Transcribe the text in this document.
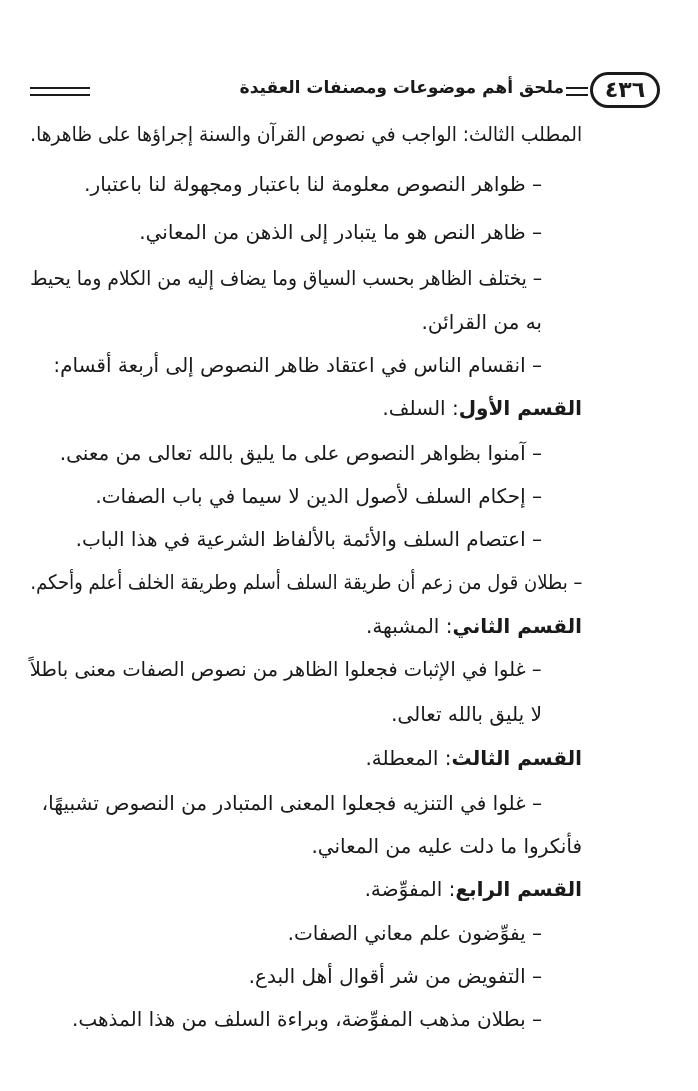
٤٣٦
ملحق أهم موضوعات ومصنفات العقيدة
المطلب الثالث: الواجب في نصوص القرآن والسنة إجراؤها على ظاهرها.
– ظواهر النصوص معلومة لنا باعتبار ومجهولة لنا باعتبار.
– ظاهر النص هو ما يتبادر إلى الذهن من المعاني.
– يختلف الظاهر بحسب السياق وما يضاف إليه من الكلام وما يحيط
به من القرائن.
– انقسام الناس في اعتقاد ظاهر النصوص إلى أربعة أقسام:
القسم الأول: السلف.
– آمنوا بظواهر النصوص على ما يليق بالله تعالى من معنى.
– إحكام السلف لأصول الدين لا سيما في باب الصفات.
– اعتصام السلف والأئمة بالألفاظ الشرعية في هذا الباب.
– بطلان قول من زعم أن طريقة السلف أسلم وطريقة الخلف أعلم وأحكم.
القسم الثاني: المشبهة.
– غلوا في الإثبات فجعلوا الظاهر من نصوص الصفات معنى باطلاً
لا يليق بالله تعالى.
القسم الثالث: المعطلة.
– غلوا في التنزيه فجعلوا المعنى المتبادر من النصوص تشبيهًا،
فأنكروا ما دلت عليه من المعاني.
القسم الرابع: المفوِّضة.
– يفوِّضون علم معاني الصفات.
– التفويض من شر أقوال أهل البدع.
– بطلان مذهب المفوِّضة، وبراءة السلف من هذا المذهب.
